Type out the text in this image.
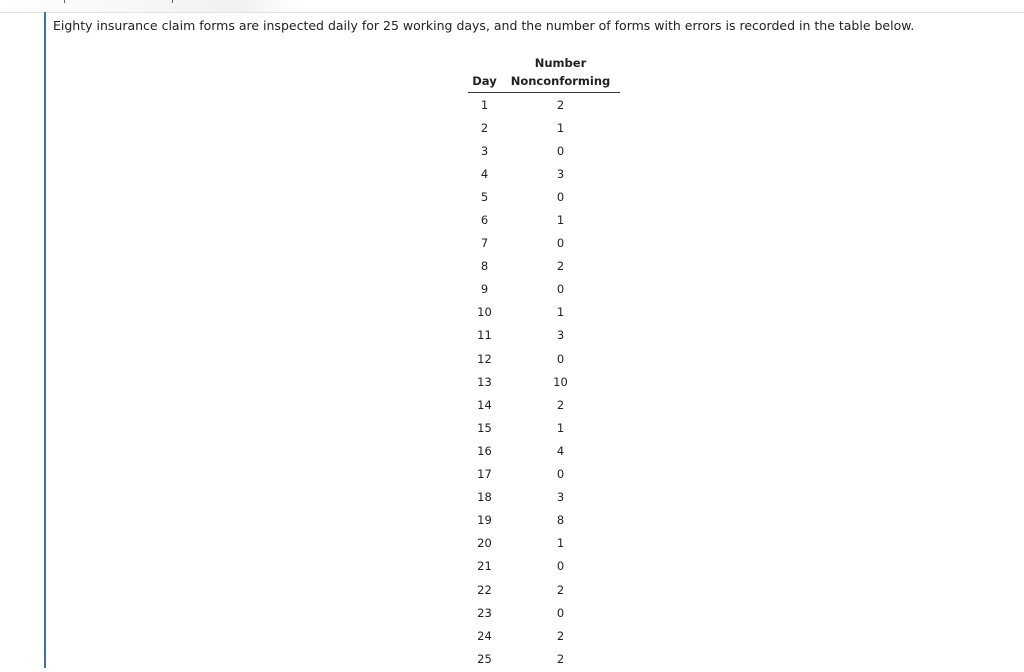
Eighty insurance claim forms are inspected daily for 25 working days, and the number of forms with errors is recorded in the table below.
	Number
Day	Nonconforming
1	2
2	1
3	0
4	3
5	0
6	1
7	0
8	2
9	0
10	1
11	3
12	0
13	10
14	2
15	1
16	4
17	0
18	3
19	8
20	1
21	0
22	2
23	0
24	2
25	2
